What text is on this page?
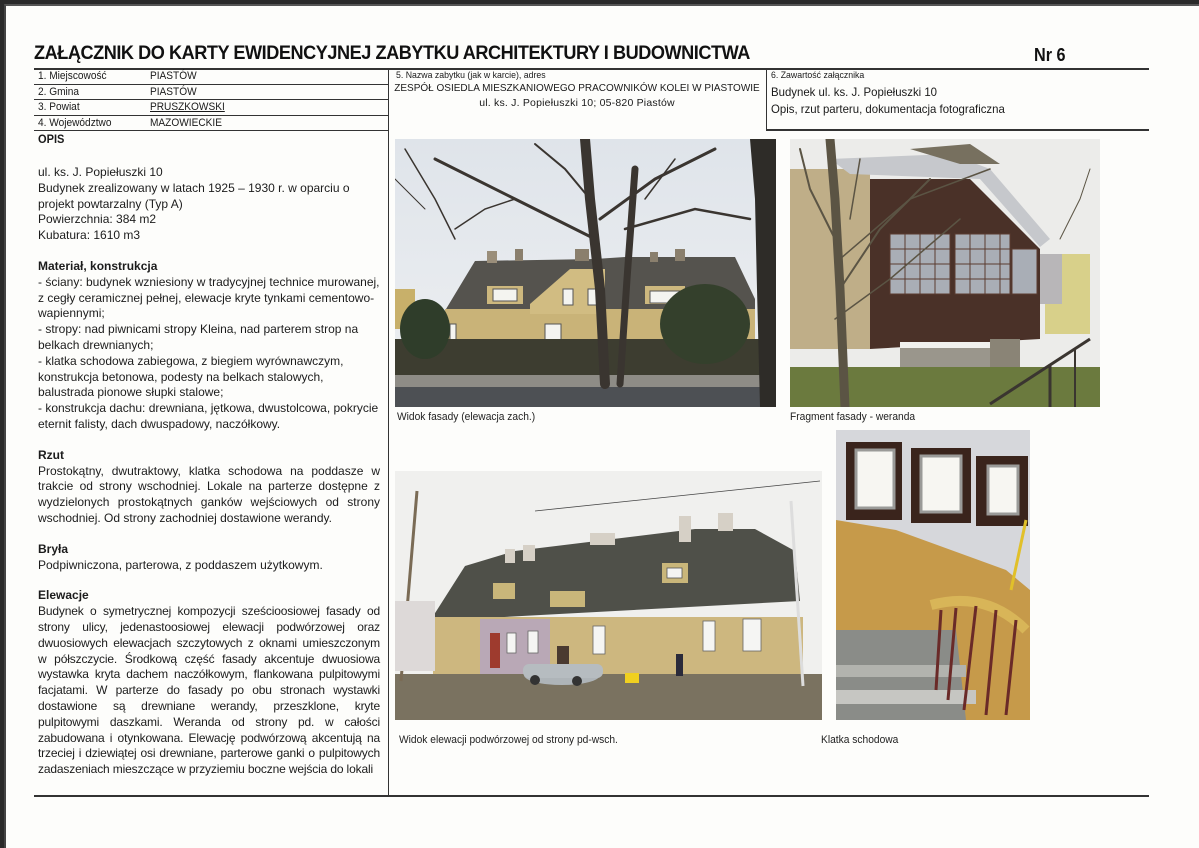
ZAŁĄCZNIK DO KARTY EWIDENCYJNEJ ZABYTKU ARCHITEKTURY I BUDOWNICTWA	Nr 6
1. Miejscowość	PIASTÓW
2. Gmina	PIASTÓW
3. Powiat	PRUSZKOWSKI
4. Województwo	MAZOWIECKIE
5. Nazwa zabytku (jak w karcie), adres
ZESPÓŁ OSIEDLA MIESZKANIOWEGO PRACOWNIKÓW KOLEI W PIASTOWIE
ul. ks. J. Popiełuszki 10; 05-820 Piastów
6. Zawartość załącznika
Budynek ul. ks. J. Popiełuszki 10
Opis, rzut parteru, dokumentacja fotograficzna
OPIS

ul. ks. J. Popiełuszki 10

Budynek zrealizowany w latach 1925 – 1930 r. w oparciu o projekt powtarzalny (Typ A)

Powierzchnia: 384 m2

Kubatura: 1610 m3

Materiał, konstrukcja

- ściany: budynek wzniesiony w tradycyjnej technice murowanej, z cegły ceramicznej pełnej, elewacje kryte tynkami cementowo-wapiennymi;

- stropy: nad piwnicami stropy Kleina, nad parterem strop na belkach drewnianych;

- klatka schodowa zabiegowa, z biegiem wyrównawczym, konstrukcja betonowa, podesty na belkach stalowych, balustrada pionowe słupki stalowe;

- konstrukcja dachu: drewniana, jętkowa, dwustolcowa, pokrycie eternit falisty, dach dwuspadowy, naczółkowy.

Rzut

Prostokątny, dwutraktowy, klatka schodowa na poddasze w trakcie od strony wschodniej. Lokale na parterze dostępne z wydzielonych prostokątnych ganków wejściowych od strony wschodniej. Od strony zachodniej dostawione werandy.

Bryła

Podpiwniczona, parterowa, z poddaszem użytkowym.

Elewacje

Budynek o symetrycznej kompozycji sześcioosiowej fasady od strony ulicy, jedenastoosiowej elewacji podwórzowej oraz dwuosiowych elewacjach szczytowych z oknami umieszczonym w półszczycie. Środkową część fasady akcentuje dwuosiowa wystawka kryta dachem naczółkowym, flankowana pulpitowymi facjatami. W parterze do fasady po obu stronach wystawki dostawione są drewniane werandy, przeszklone, kryte pulpitowymi daszkami. Weranda od strony pd. w całości zabudowana i otynkowana. Elewację podwórzową akcentują na trzeciej i dziewiątej osi drewniane, parterowe ganki o pulpitowych zadaszeniach mieszczące w przyziemiu boczne wejścia do lokali

Widok fasady (elewacja zach.)	Fragment fasady - weranda
Widok elewacji podwórzowej od strony pd-wsch.	Klatka schodowa
